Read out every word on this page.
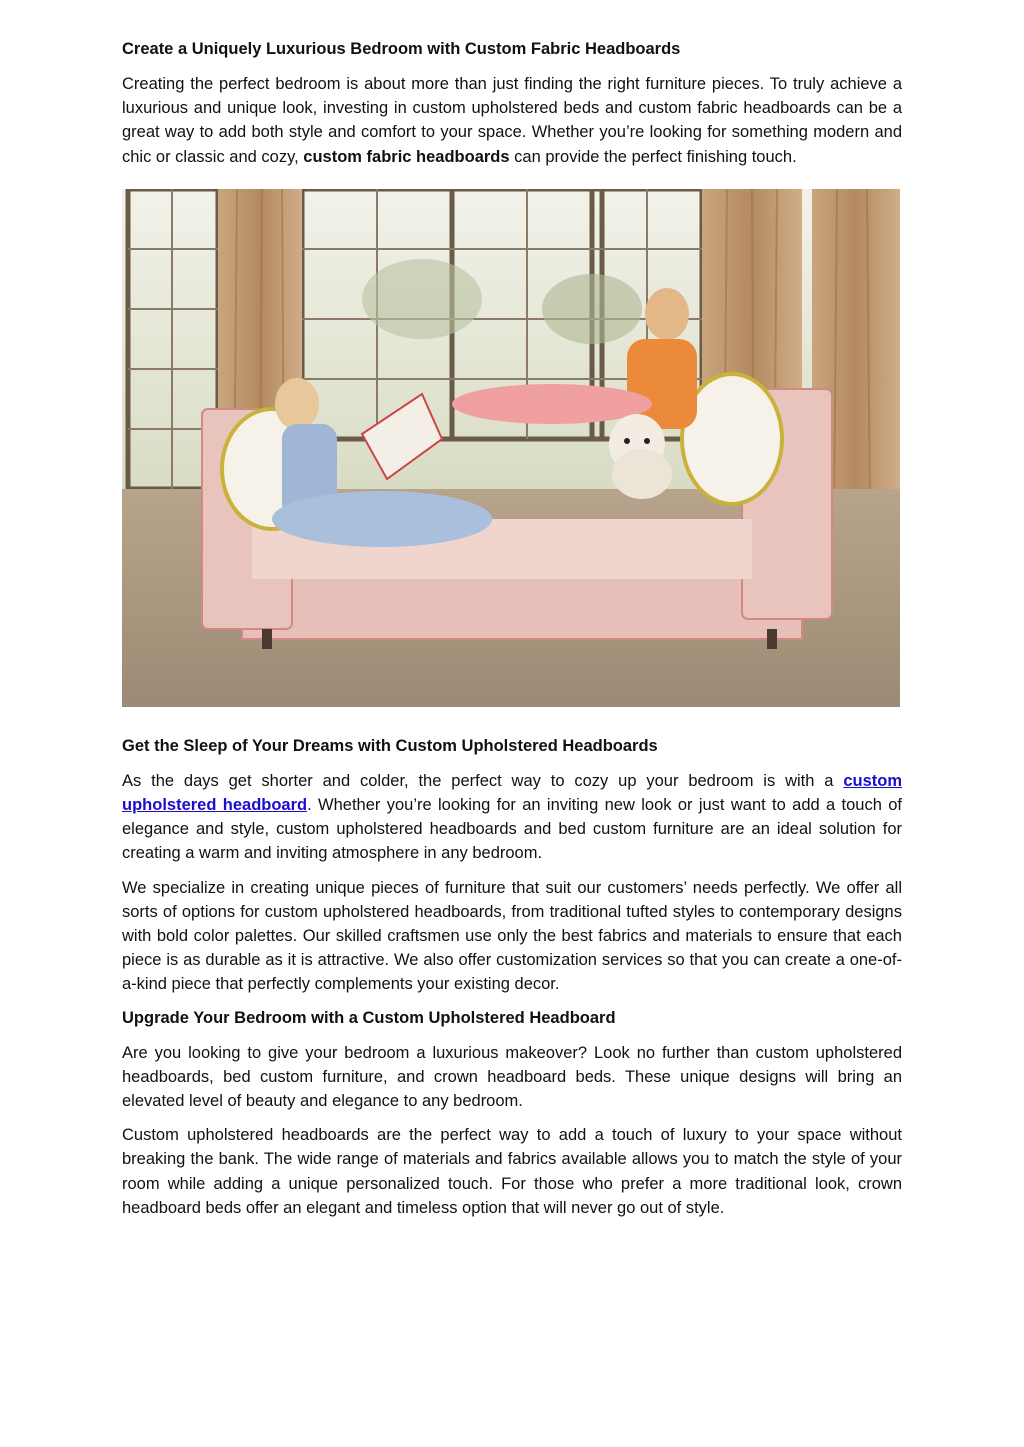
Create a Uniquely Luxurious Bedroom with Custom Fabric Headboards

Creating the perfect bedroom is about more than just finding the right furniture pieces. To truly achieve a luxurious and unique look, investing in custom upholstered beds and custom fabric headboards can be a great way to add both style and comfort to your space. Whether you’re looking for something modern and chic or classic and cozy, custom fabric headboards can provide the perfect finishing touch.

Get the Sleep of Your Dreams with Custom Upholstered Headboards

As the days get shorter and colder, the perfect way to cozy up your bedroom is with a custom upholstered headboard. Whether you’re looking for an inviting new look or just want to add a touch of elegance and style, custom upholstered headboards and bed custom furniture are an ideal solution for creating a warm and inviting atmosphere in any bedroom.

We specialize in creating unique pieces of furniture that suit our customers’ needs perfectly. We offer all sorts of options for custom upholstered headboards, from traditional tufted styles to contemporary designs with bold color palettes. Our skilled craftsmen use only the best fabrics and materials to ensure that each piece is as durable as it is attractive. We also offer customization services so that you can create a one-of-a-kind piece that perfectly complements your existing decor.

Upgrade Your Bedroom with a Custom Upholstered Headboard

Are you looking to give your bedroom a luxurious makeover? Look no further than custom upholstered headboards, bed custom furniture, and crown headboard beds. These unique designs will bring an elevated level of beauty and elegance to any bedroom.

Custom upholstered headboards are the perfect way to add a touch of luxury to your space without breaking the bank. The wide range of materials and fabrics available allows you to match the style of your room while adding a unique personalized touch. For those who prefer a more traditional look, crown headboard beds offer an elegant and timeless option that will never go out of style.
